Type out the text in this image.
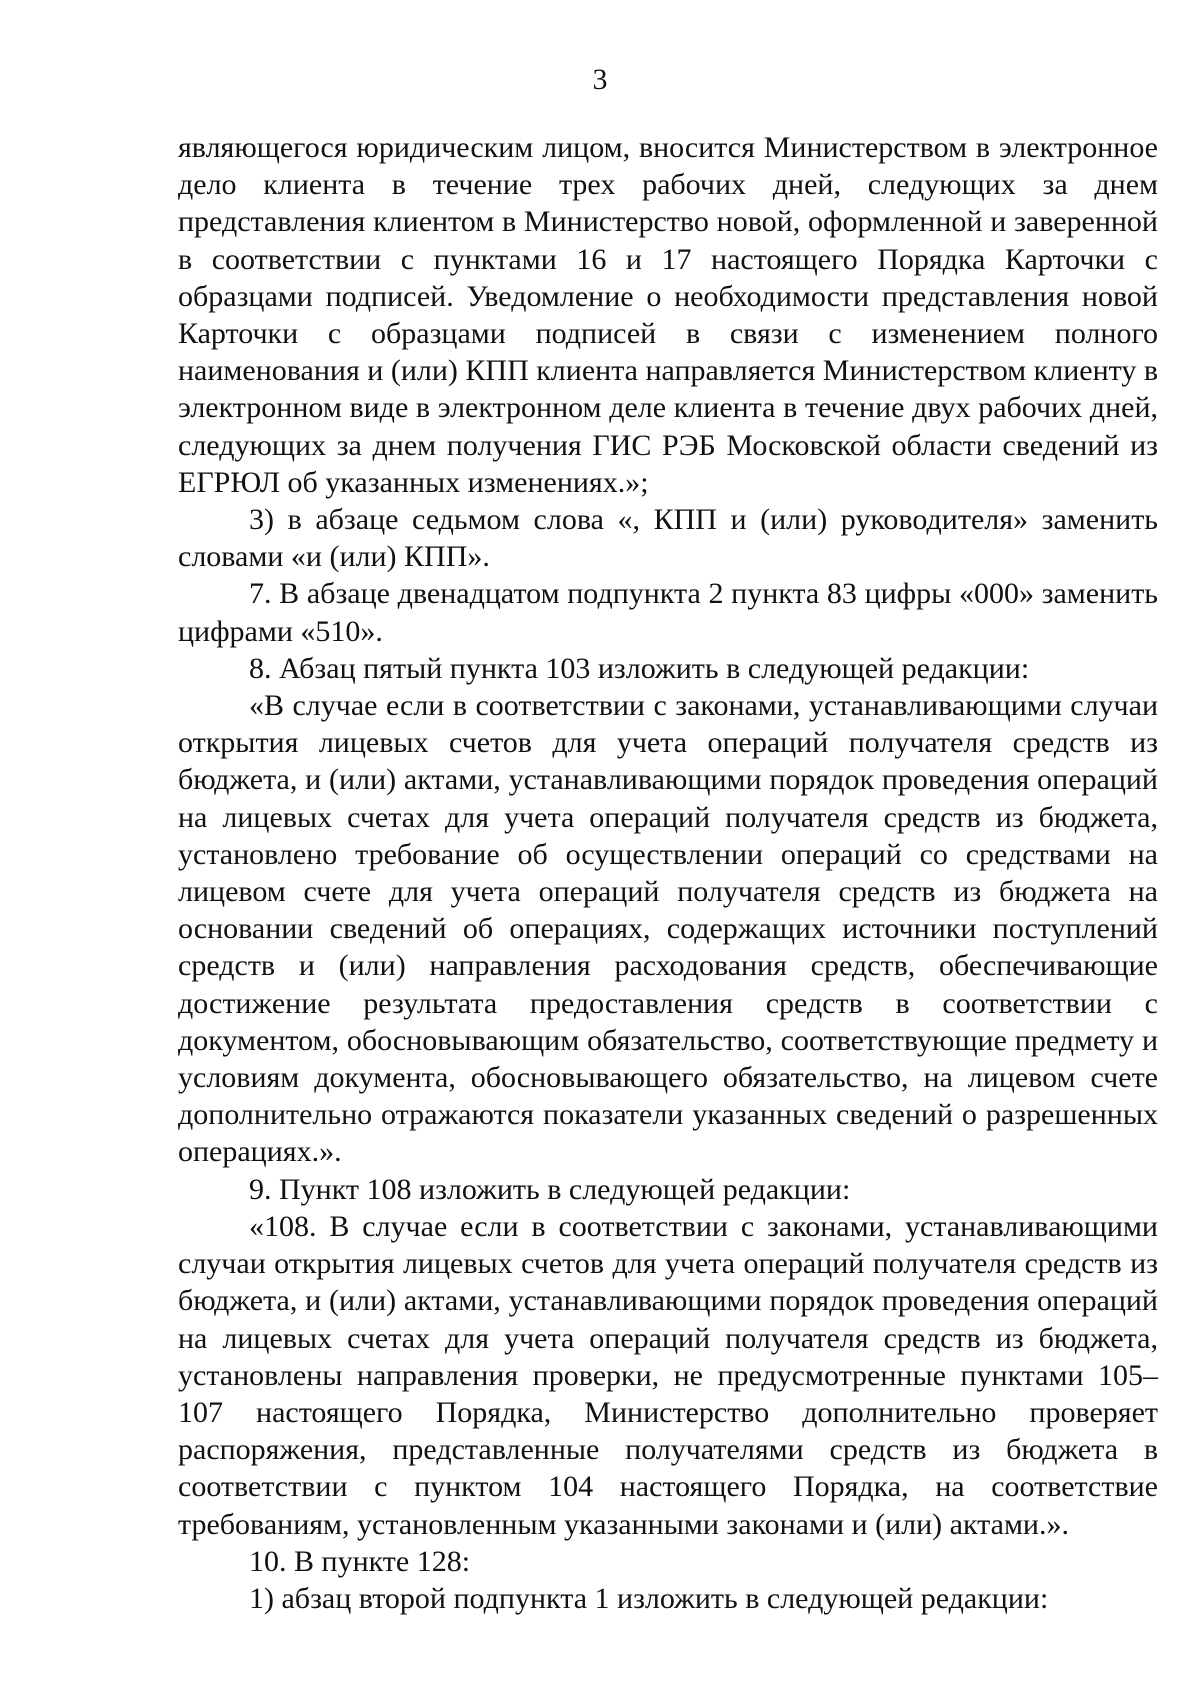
3

являющегося юридическим лицом, вносится Министерством в электронное дело клиента в течение трех рабочих дней, следующих за днем представления клиентом в Министерство новой, оформленной и заверенной в соответствии с пунктами 16 и 17 настоящего Порядка Карточки с образцами подписей. Уведомление о необходимости представления новой Карточки с образцами подписей в связи с изменением полного наименования и (или) КПП клиента направляется Министерством клиенту в электронном виде в электронном деле клиента в течение двух рабочих дней, следующих за днем получения ГИС РЭБ Московской области сведений из ЕГРЮЛ об указанных изменениях.»;

3) в абзаце седьмом слова «, КПП и (или) руководителя» заменить словами «и (или) КПП».

7. В абзаце двенадцатом подпункта 2 пункта 83 цифры «000» заменить цифрами «510».

8. Абзац пятый пункта 103 изложить в следующей редакции:

«В случае если в соответствии с законами, устанавливающими случаи открытия лицевых счетов для учета операций получателя средств из бюджета, и (или) актами, устанавливающими порядок проведения операций на лицевых счетах для учета операций получателя средств из бюджета, установлено требование об осуществлении операций со средствами на лицевом счете для учета операций получателя средств из бюджета на основании сведений об операциях, содержащих источники поступлений средств и (или) направления расходования средств, обеспечивающие достижение результата предоставления средств в соответствии с документом, обосновывающим обязательство, соответствующие предмету и условиям документа, обосновывающего обязательство, на лицевом счете дополнительно отражаются показатели указанных сведений о разрешенных операциях.».

9. Пункт 108 изложить в следующей редакции:

«108. В случае если в соответствии с законами, устанавливающими случаи открытия лицевых счетов для учета операций получателя средств из бюджета, и (или) актами, устанавливающими порядок проведения операций на лицевых счетах для учета операций получателя средств из бюджета, установлены направления проверки, не предусмотренные пунктами 105–107 настоящего Порядка, Министерство дополнительно проверяет распоряжения, представленные получателями средств из бюджета в соответствии с пунктом 104 настоящего Порядка, на соответствие требованиям, установленным указанными законами и (или) актами.».

10. В пункте 128:

1) абзац второй подпункта 1 изложить в следующей редакции:
